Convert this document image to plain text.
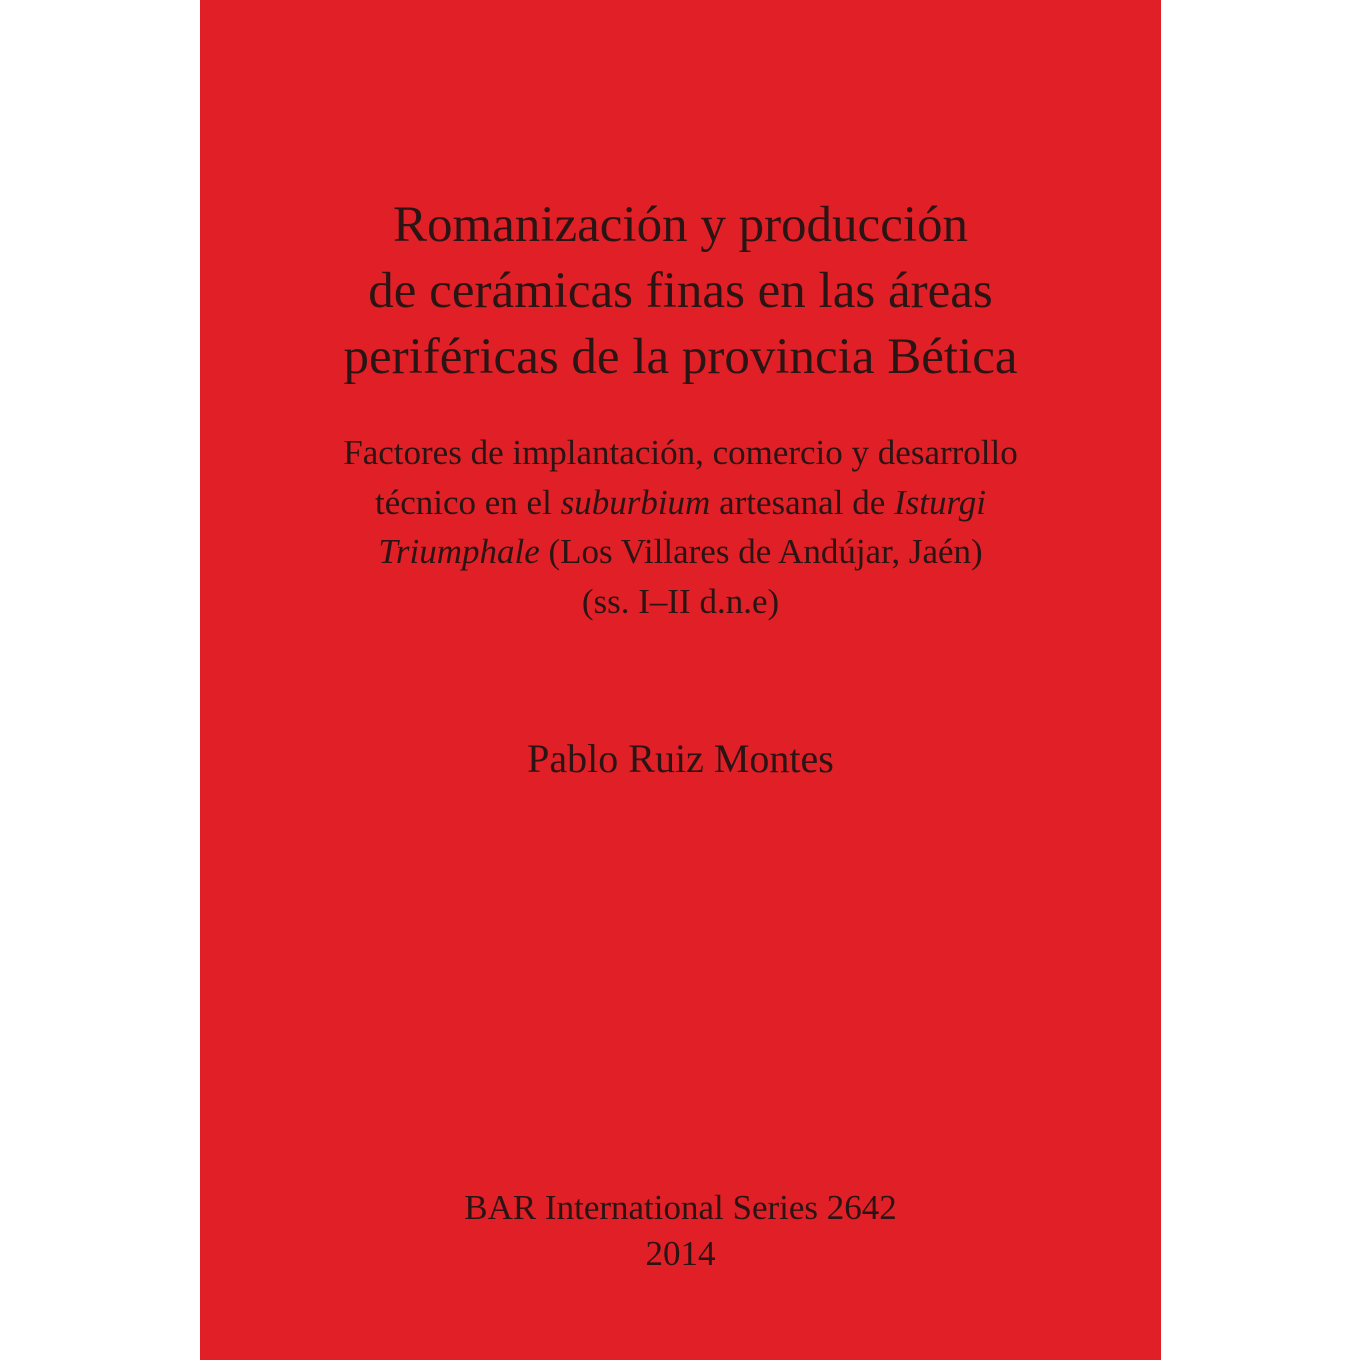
Romanización y producción
de cerámicas finas en las áreas
periféricas de la provincia Bética
Factores de implantación, comercio y desarrollo
técnico en el suburbium artesanal de Isturgi
Triumphale (Los Villares de Andújar, Jaén)
(ss. I–II d.n.e)
Pablo Ruiz Montes
BAR International Series 2642
2014
